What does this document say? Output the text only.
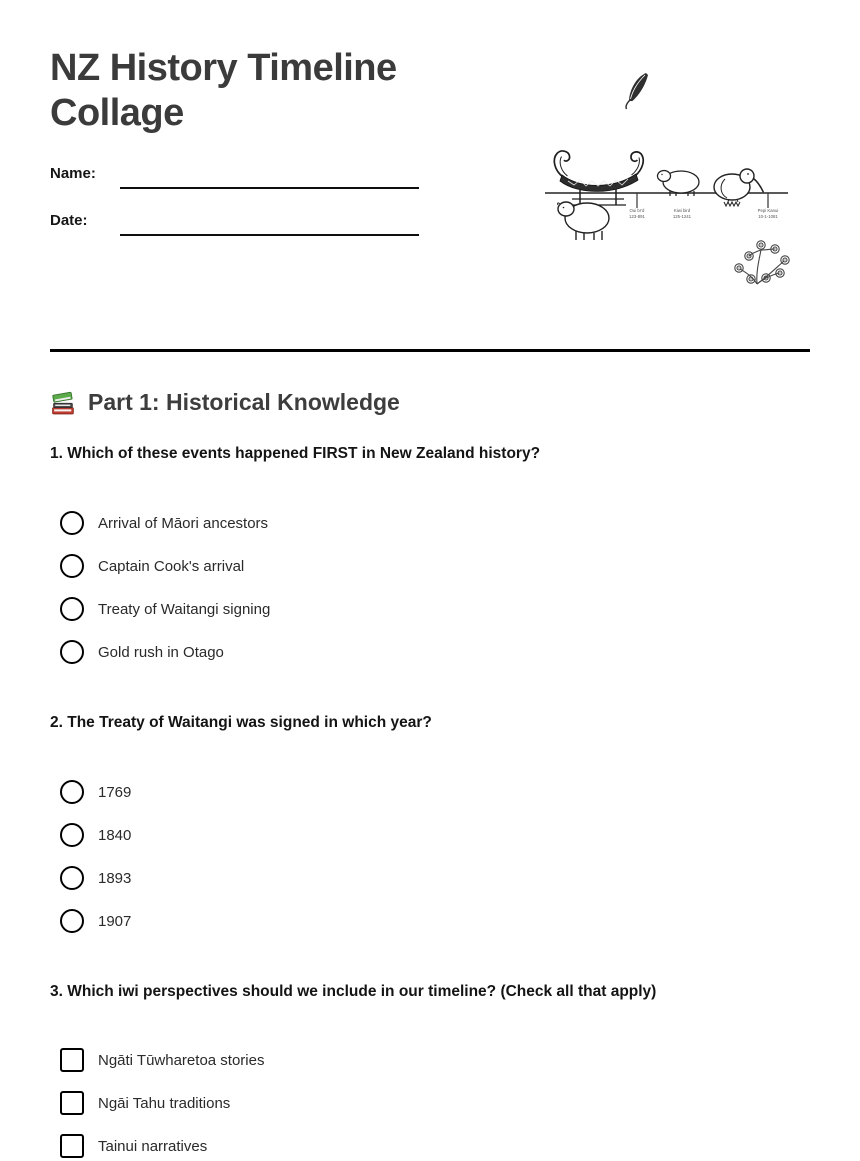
NZ History Timeline Collage
Name:
Date:
Oui br'd
123-891
Kiwi bird
125-1241
Pepi Kanui
10-1-1081
Part 1: Historical Knowledge
1. Which of these events happened FIRST in New Zealand history?
Arrival of Māori ancestors
Captain Cook's arrival
Treaty of Waitangi signing
Gold rush in Otago
2. The Treaty of Waitangi was signed in which year?
1769
1840
1893
1907
3. Which iwi perspectives should we include in our timeline? (Check all that apply)
Ngāti Tūwharetoa stories
Ngāi Tahu traditions
Tainui narratives
